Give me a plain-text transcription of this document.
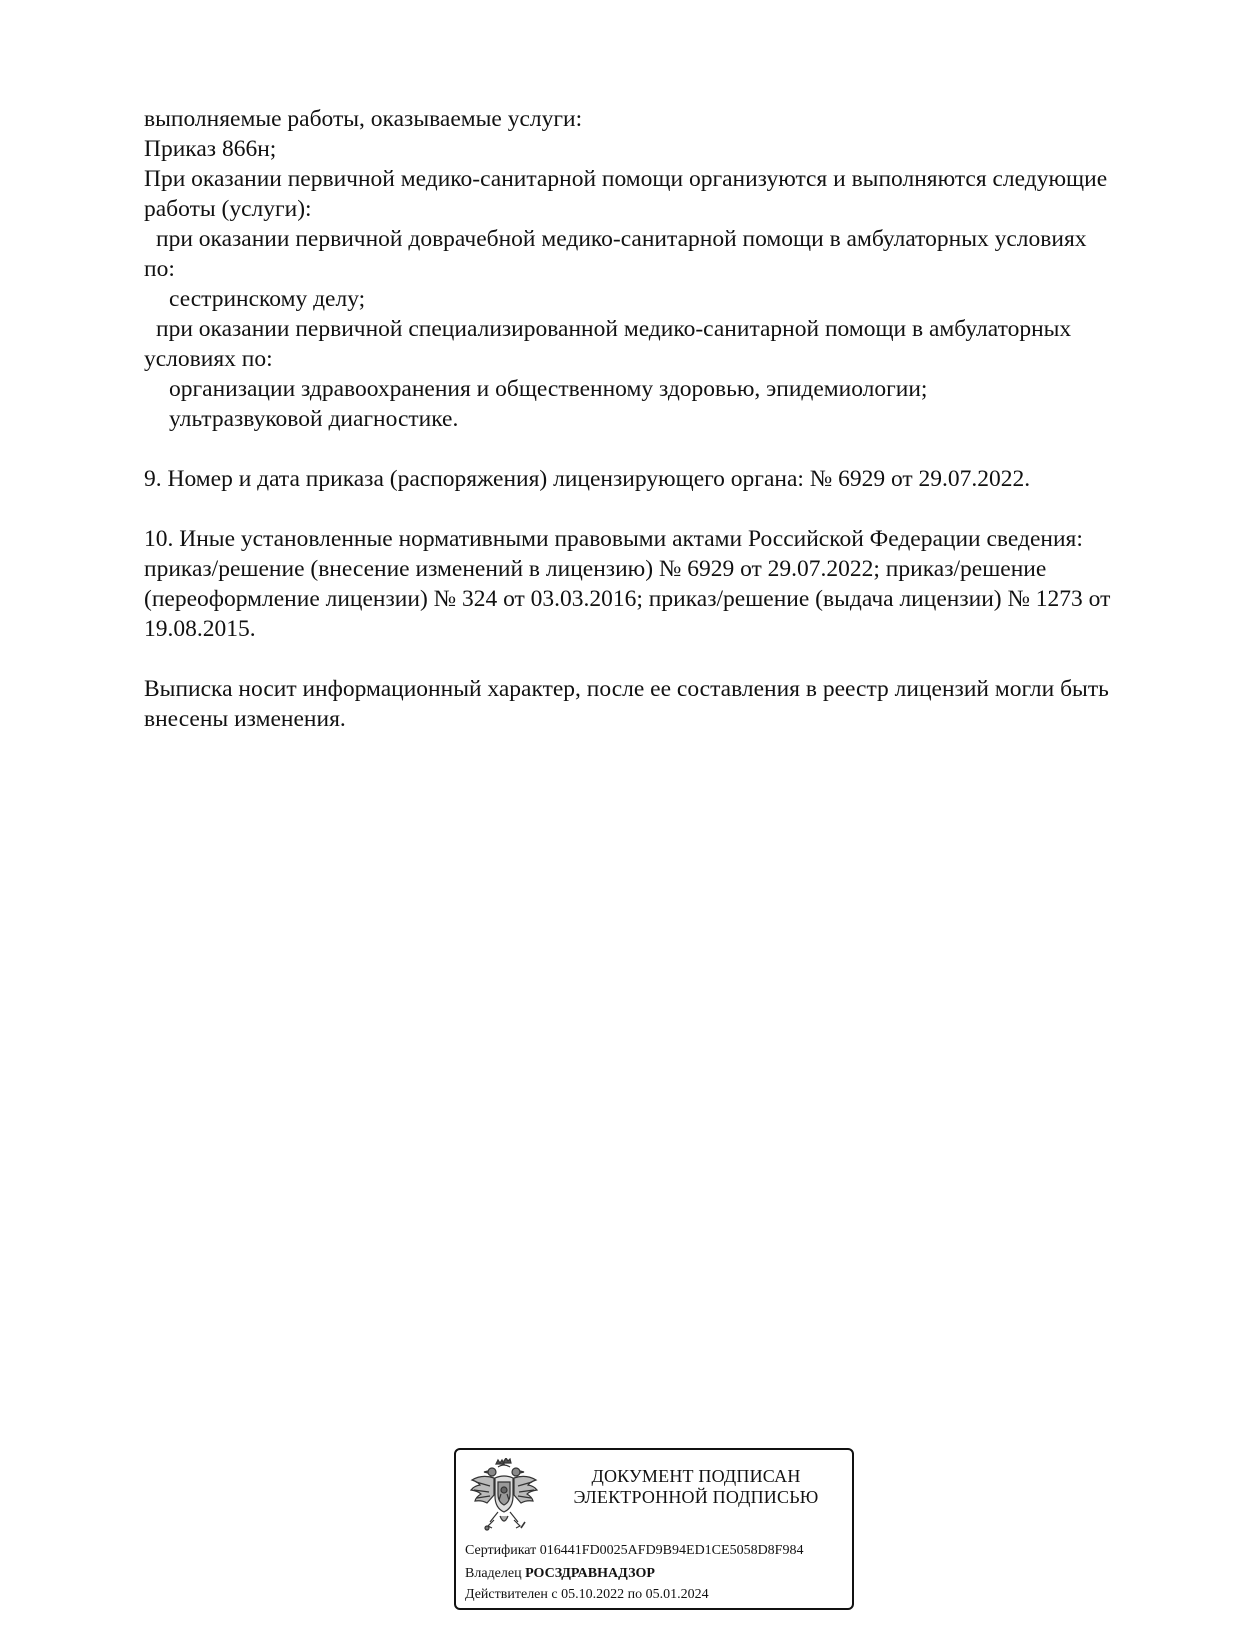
выполняемые работы, оказываемые услуги:
Приказ 866н;
При оказании первичной медико-санитарной помощи организуются и выполняются следующие
работы (услуги):
при оказании первичной доврачебной медико-санитарной помощи в амбулаторных условиях
по:
сестринскому делу;
при оказании первичной специализированной медико-санитарной помощи в амбулаторных
условиях по:
организации здравоохранения и общественному здоровью, эпидемиологии;
ультразвуковой диагностике.
9. Номер и дата приказа (распоряжения) лицензирующего органа: № 6929 от 29.07.2022.
10. Иные установленные нормативными правовыми актами Российской Федерации сведения:
приказ/решение (внесение изменений в лицензию) № 6929 от 29.07.2022; приказ/решение
(переоформление лицензии) № 324 от 03.03.2016; приказ/решение (выдача лицензии) № 1273 от
19.08.2015.
Выписка носит информационный характер, после ее составления в реестр лицензий могли быть
внесены изменения.
ДОКУМЕНТ ПОДПИСАН
ЭЛЕКТРОННОЙ ПОДПИСЬЮ
Сертификат 016441FD0025AFD9B94ED1CE5058D8F984
Владелец РОСЗДРАВНАДЗОР
Действителен с 05.10.2022 по 05.01.2024
